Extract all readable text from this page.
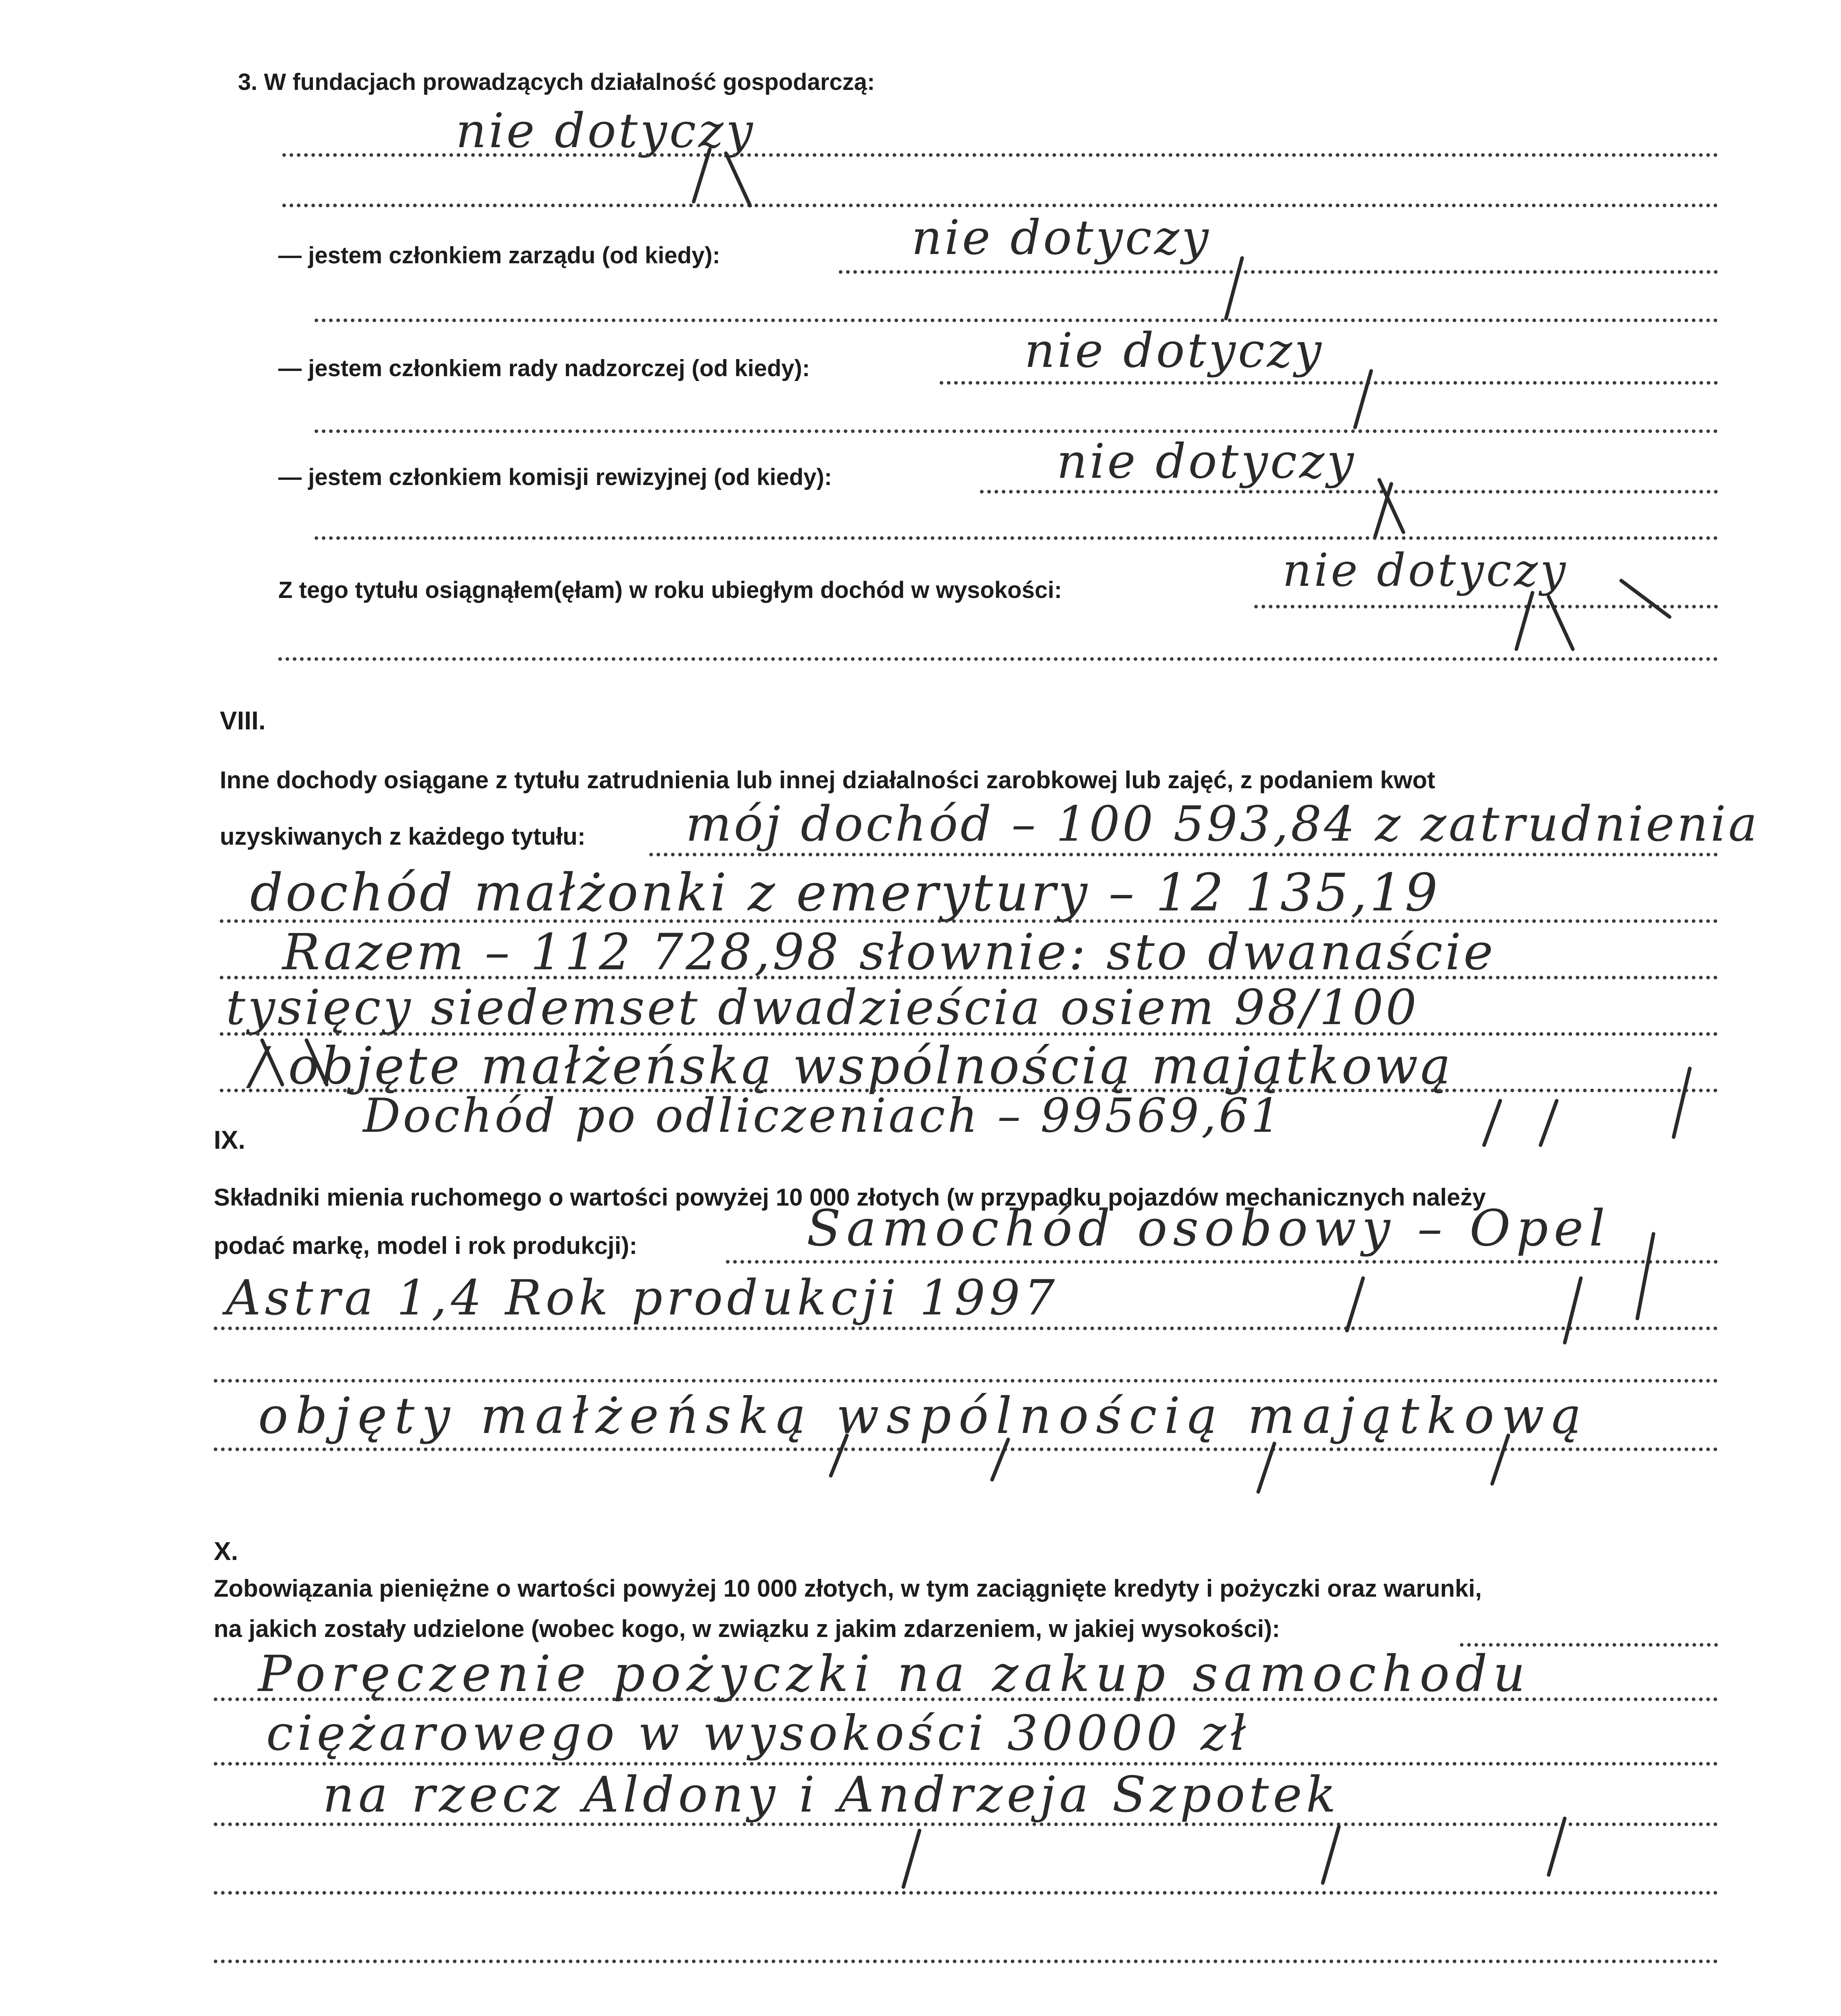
3. W fundacjach prowadzących działalność gospodarczą:
nie dotyczy
— jestem członkiem zarządu (od kiedy):	nie dotyczy
— jestem członkiem rady nadzorczej (od kiedy):	nie dotyczy
— jestem członkiem komisji rewizyjnej (od kiedy):	nie dotyczy
Z tego tytułu osiągnąłem(ęłam) w roku ubiegłym dochód w wysokości:	nie dotyczy
VIII.
Inne dochody osiągane z tytułu zatrudnienia lub innej działalności zarobkowej lub zajęć, z podaniem kwot
uzyskiwanych z każdego tytułu: mój dochód – 100 593,84 z zatrudnienia
dochód małżonki z emerytury – 12 135,19
Razem – 112 728,98 słownie: sto dwanaście
tysięcy siedemset dwadzieścia osiem 98/100
/ objęte małżeńską wspólnością majątkową
Dochód po odliczeniach – 99569,61
IX.
Składniki mienia ruchomego o wartości powyżej 10 000 złotych (w przypadku pojazdów mechanicznych należy
podać markę, model i rok produkcji):	Samochód osobowy – Opel
Astra 1,4 Rok produkcji 1997
objęty małżeńską wspólnością majątkową
X.
Zobowiązania pieniężne o wartości powyżej 10 000 złotych, w tym zaciągnięte kredyty i pożyczki oraz warunki,
na jakich zostały udzielone (wobec kogo, w związku z jakim zdarzeniem, w jakiej wysokości):
Poręczenie pożyczki na zakup samochodu
ciężarowego w wysokości 30000 zł
na rzecz Aldony i Andrzeja Szpotek
